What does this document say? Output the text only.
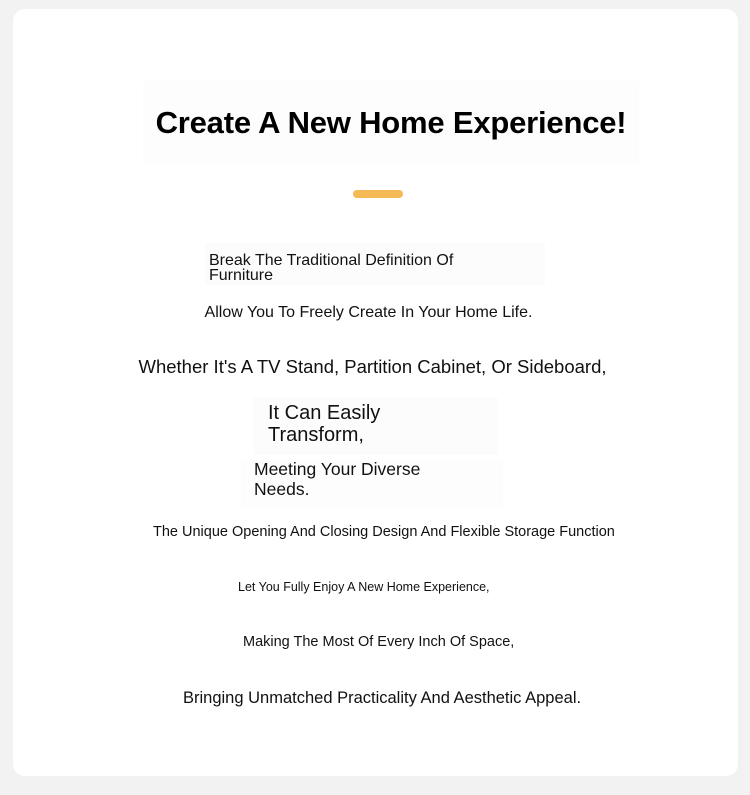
Create A New Home Experience!
Break The Traditional Definition Of
Furniture

Allow You To Freely Create In Your Home Life.

Whether It's A TV Stand, Partition Cabinet, Or Sideboard,

It Can Easily
Transform,
Meeting Your Diverse
Needs.

The Unique Opening And Closing Design And Flexible Storage Function

Let You Fully Enjoy A New Home Experience,

Making The Most Of Every Inch Of Space,

Bringing Unmatched Practicality And Aesthetic Appeal.
